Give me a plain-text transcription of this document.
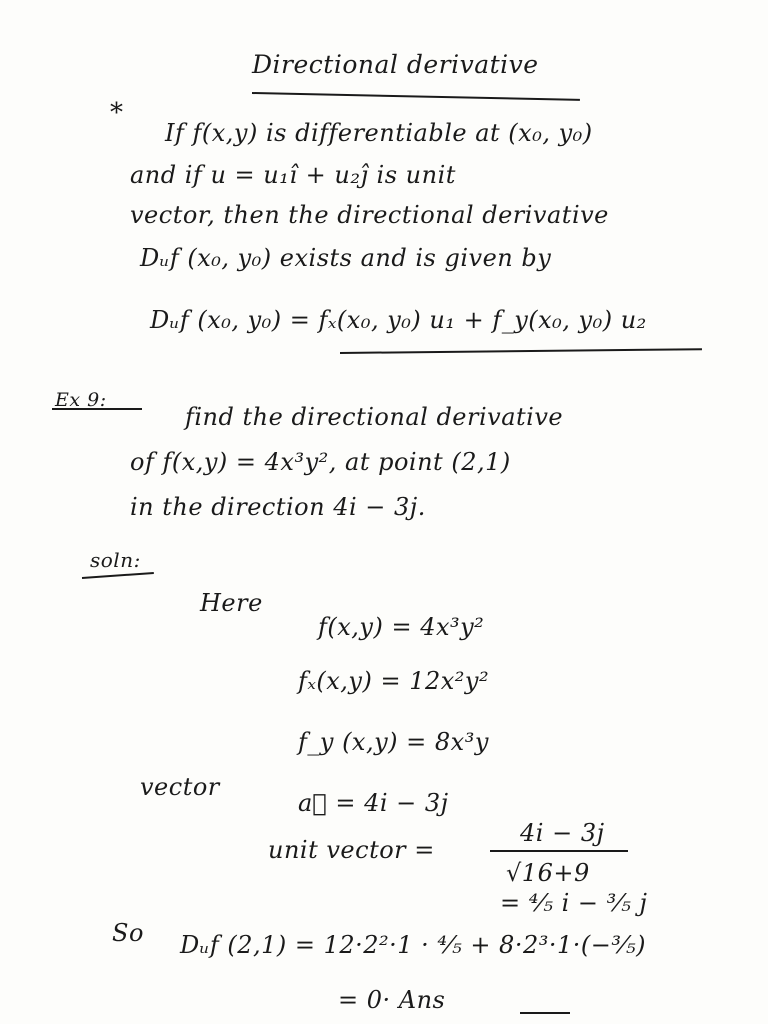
Directional derivative
*
If f(x,y) is differentiable at (x₀, y₀)
and if u = u₁î + u₂ĵ is unit
vector, then the directional derivative
Dᵤf (x₀, y₀) exists and is given by
Dᵤf (x₀, y₀) = fₓ(x₀, y₀) u₁ + f_y(x₀, y₀) u₂
Ex 9:
find the directional derivative
of f(x,y) = 4x³y², at point (2,1)
in the direction 4i − 3j.
soln:
Here
f(x,y) = 4x³y²
fₓ(x,y) = 12x²y²
f_y (x,y) = 8x³y
vector
a⃗ = 4i − 3j
unit vector =
4i − 3j
√16+9
= ⁴⁄₅ i − ³⁄₅ j
So Dᵤf (2,1) = 12·2²·1 · ⁴⁄₅ + 8·2³·1·(−³⁄₅)
= 0· Ans
